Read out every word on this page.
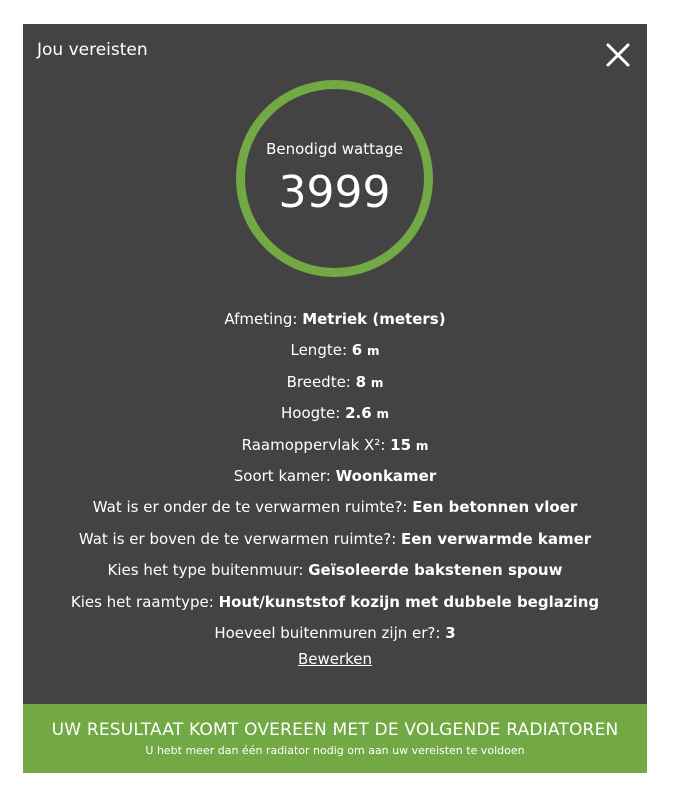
Jou vereisten
Benodigd wattage
3999
Afmeting: Metriek (meters)
Lengte: 6 m
Breedte: 8 m
Hoogte: 2.6 m
Raamoppervlak X²: 15 m
Soort kamer: Woonkamer
Wat is er onder de te verwarmen ruimte?: Een betonnen vloer
Wat is er boven de te verwarmen ruimte?: Een verwarmde kamer
Kies het type buitenmuur: Geïsoleerde bakstenen spouw
Kies het raamtype: Hout/kunststof kozijn met dubbele beglazing
Hoeveel buitenmuren zijn er?: 3
Bewerken
UW RESULTAAT KOMT OVEREEN MET DE VOLGENDE RADIATOREN
U hebt meer dan één radiator nodig om aan uw vereisten te voldoen
